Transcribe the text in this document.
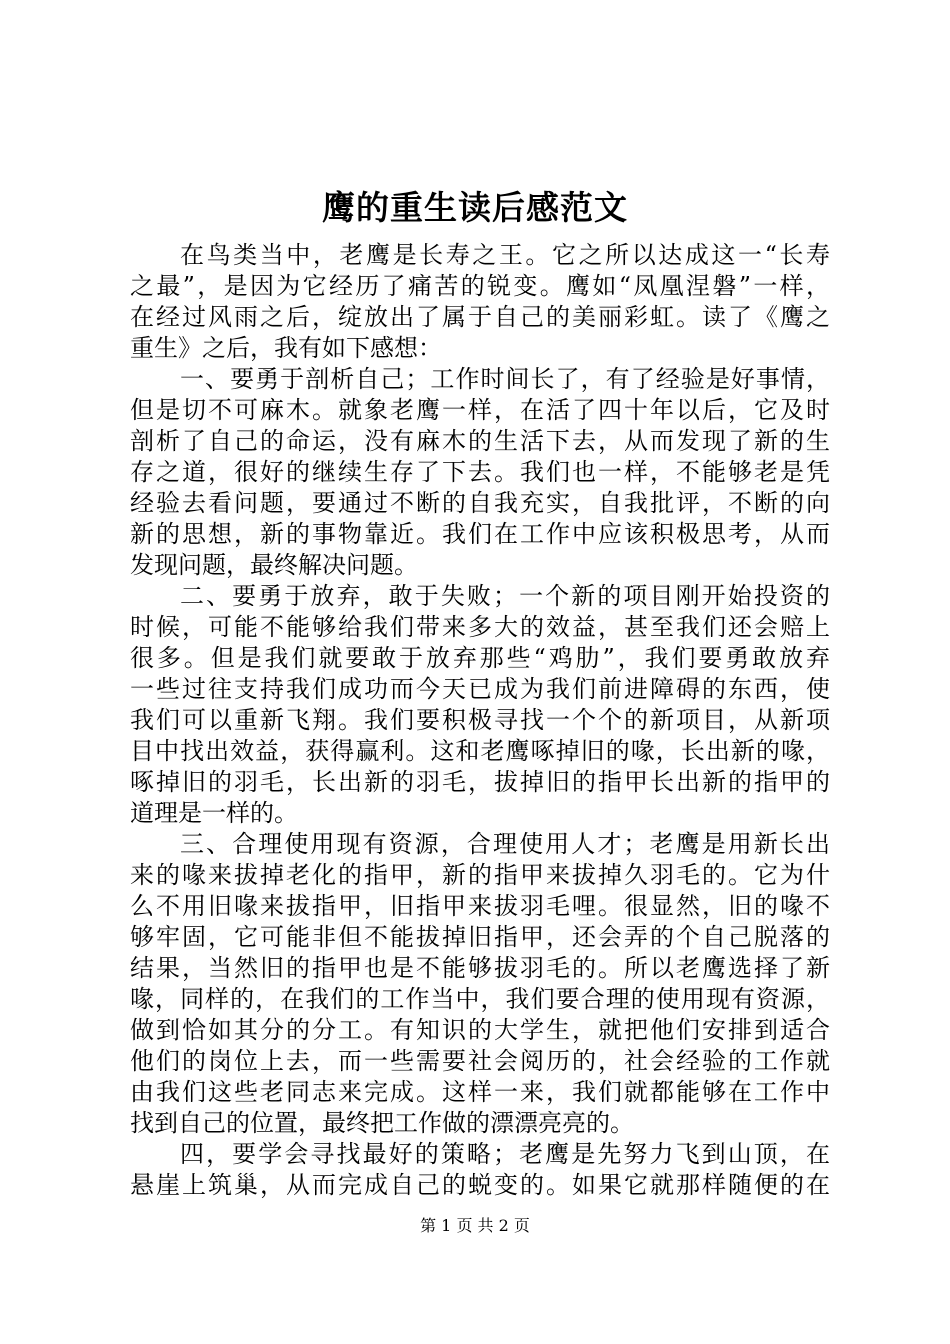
鹰的重生读后感范文
在鸟类当中，老鹰是长寿之王。它之所以达成这一“长寿
之最”，是因为它经历了痛苦的锐变。鹰如“凤凰涅磐”一样，
在经过风雨之后，绽放出了属于自己的美丽彩虹。读了《鹰之
重生》之后，我有如下感想：
一、要勇于剖析自己；工作时间长了，有了经验是好事情，
但是切不可麻木。就象老鹰一样，在活了四十年以后，它及时
剖析了自己的命运，没有麻木的生活下去，从而发现了新的生
存之道，很好的继续生存了下去。我们也一样，不能够老是凭
经验去看问题，要通过不断的自我充实，自我批评，不断的向
新的思想，新的事物靠近。我们在工作中应该积极思考，从而
发现问题，最终解决问题。
二、要勇于放弃，敢于失败；一个新的项目刚开始投资的
时候，可能不能够给我们带来多大的效益，甚至我们还会赔上
很多。但是我们就要敢于放弃那些“鸡肋”，我们要勇敢放弃
一些过往支持我们成功而今天已成为我们前进障碍的东西，使
我们可以重新飞翔。我们要积极寻找一个个的新项目，从新项
目中找出效益，获得赢利。这和老鹰啄掉旧的喙，长出新的喙，
啄掉旧的羽毛，长出新的羽毛，拔掉旧的指甲长出新的指甲的
道理是一样的。
三、合理使用现有资源，合理使用人才；老鹰是用新长出
来的喙来拔掉老化的指甲，新的指甲来拔掉久羽毛的。它为什
么不用旧喙来拔指甲，旧指甲来拔羽毛哩。很显然，旧的喙不
够牢固，它可能非但不能拔掉旧指甲，还会弄的个自己脱落的
结果，当然旧的指甲也是不能够拔羽毛的。所以老鹰选择了新
喙，同样的，在我们的工作当中，我们要合理的使用现有资源，
做到恰如其分的分工。有知识的大学生，就把他们安排到适合
他们的岗位上去，而一些需要社会阅历的，社会经验的工作就
由我们这些老同志来完成。这样一来，我们就都能够在工作中
找到自己的位置，最终把工作做的漂漂亮亮的。
四，要学会寻找最好的策略；老鹰是先努力飞到山顶，在
悬崖上筑巢，从而完成自己的蜕变的。如果它就那样随便的在
第 1 页 共 2 页
